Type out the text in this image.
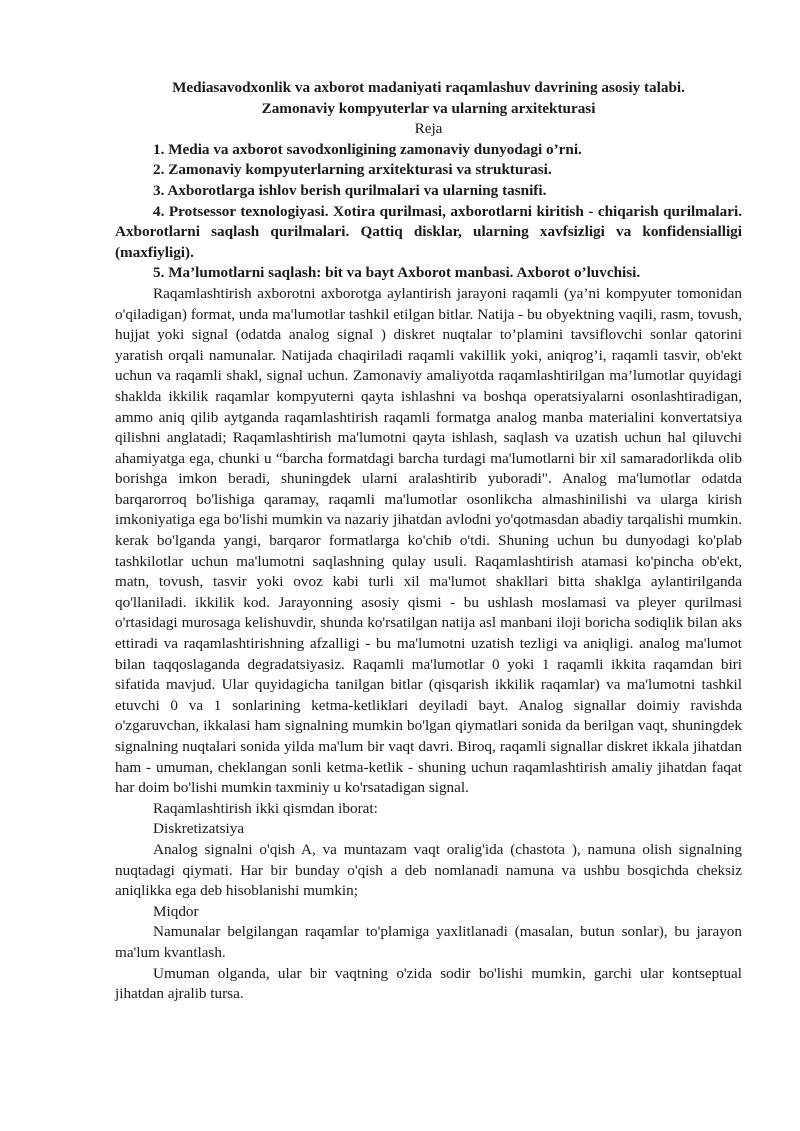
Mediasavodxonlik va axborot madaniyati raqamlashuv davrining asosiy talabi.

Zamonaviy kompyuterlar va ularning arxitekturasi

Reja

1. Media va axborot savodxonligining zamonaviy dunyodagi o’rni.
2. Zamonaviy kompyuterlarning arxitekturasi va strukturasi.
3. Axborotlarga ishlov berish qurilmalari va ularning tasnifi.
4. Protsessor texnologiyasi. Xotira qurilmasi, axborotlarni kiritish - chiqarish qurilmalari. Axborotlarni saqlash qurilmalari. Qattiq disklar, ularning xavfsizligi va konfidensialligi (maxfiyligi).
5. Ma’lumotlarni saqlash: bit va bayt Axborot manbasi. Axborot o’luvchisi.

Raqamlashtirish axborotni axborotga aylantirish jarayoni raqamli (ya’ni kompyuter tomonidan o'qiladigan) format, unda ma'lumotlar tashkil etilgan bitlar. Natija - bu obyektning vaqili, rasm, tovush, hujjat yoki signal (odatda analog signal ) diskret nuqtalar to’plamini tavsiflovchi sonlar qatorini yaratish orqali namunalar. Natijada chaqiriladi raqamli vakillik yoki, aniqrog’i, raqamli tasvir, ob'ekt uchun va raqamli shakl, signal uchun. Zamonaviy amaliyotda raqamlashtirilgan ma’lumotlar quyidagi shaklda ikkilik raqamlar kompyuterni qayta ishlashni va boshqa operatsiyalarni osonlashtiradigan, ammo aniq qilib aytganda raqamlashtirish raqamli formatga analog manba materialini konvertatsiya qilishni anglatadi; Raqamlashtirish ma'lumotni qayta ishlash, saqlash va uzatish uchun hal qiluvchi ahamiyatga ega, chunki u “barcha formatdagi barcha turdagi ma'lumotlarni bir xil samaradorlikda olib borishga imkon beradi, shuningdek ularni aralashtirib yuboradi". Analog ma'lumotlar odatda barqarorroq bo'lishiga qaramay, raqamli ma'lumotlar osonlikcha almashinilishi va ularga kirish imkoniyatiga ega bo'lishi mumkin va nazariy jihatdan avlodni yo'qotmasdan abadiy tarqalishi mumkin. kerak bo'lganda yangi, barqaror formatlarga ko'chib o'tdi. Shuning uchun bu dunyodagi ko'plab tashkilotlar uchun ma'lumotni saqlashning qulay usuli. Raqamlashtirish atamasi ko'pincha ob'ekt, matn, tovush, tasvir yoki ovoz kabi turli xil ma'lumot shakllari bitta shaklga aylantirilganda qo'llaniladi. ikkilik kod. Jarayonning asosiy qismi - bu ushlash moslamasi va pleyer qurilmasi o'rtasidagi murosaga kelishuvdir, shunda ko'rsatilgan natija asl manbani iloji boricha sodiqlik bilan aks ettiradi va raqamlashtirishning afzalligi - bu ma'lumotni uzatish tezligi va aniqligi. analog ma'lumot bilan taqqoslaganda degradatsiyasiz. Raqamli ma'lumotlar 0 yoki 1 raqamli ikkita raqamdan biri sifatida mavjud. Ular quyidagicha tanilgan bitlar (qisqarish ikkilik raqamlar) va ma'lumotni tashkil etuvchi 0 va 1 sonlarining ketma-ketliklari deyiladi bayt. Analog signallar doimiy ravishda o'zgaruvchan, ikkalasi ham signalning mumkin bo'lgan qiymatlari sonida da berilgan vaqt, shuningdek signalning nuqtalari sonida yilda ma'lum bir vaqt davri. Biroq, raqamli signallar diskret ikkala jihatdan ham - umuman, cheklangan sonli ketma-ketlik - shuning uchun raqamlashtirish amaliy jihatdan faqat har doim bo'lishi mumkin taxminiy u ko'rsatadigan signal.

Raqamlashtirish ikki qismdan iborat:

Diskretizatsiya

Analog signalni o'qish A, va muntazam vaqt oralig'ida (chastota ), namuna olish signalning nuqtadagi qiymati. Har bir bunday o'qish a deb nomlanadi namuna va ushbu bosqichda cheksiz aniqlikka ega deb hisoblanishi mumkin;

Miqdor

Namunalar belgilangan raqamlar to'plamiga yaxlitlanadi (masalan, butun sonlar), bu jarayon ma'lum kvantlash.

Umuman olganda, ular bir vaqtning o'zida sodir bo'lishi mumkin, garchi ular kontseptual jihatdan ajralib tursa.
